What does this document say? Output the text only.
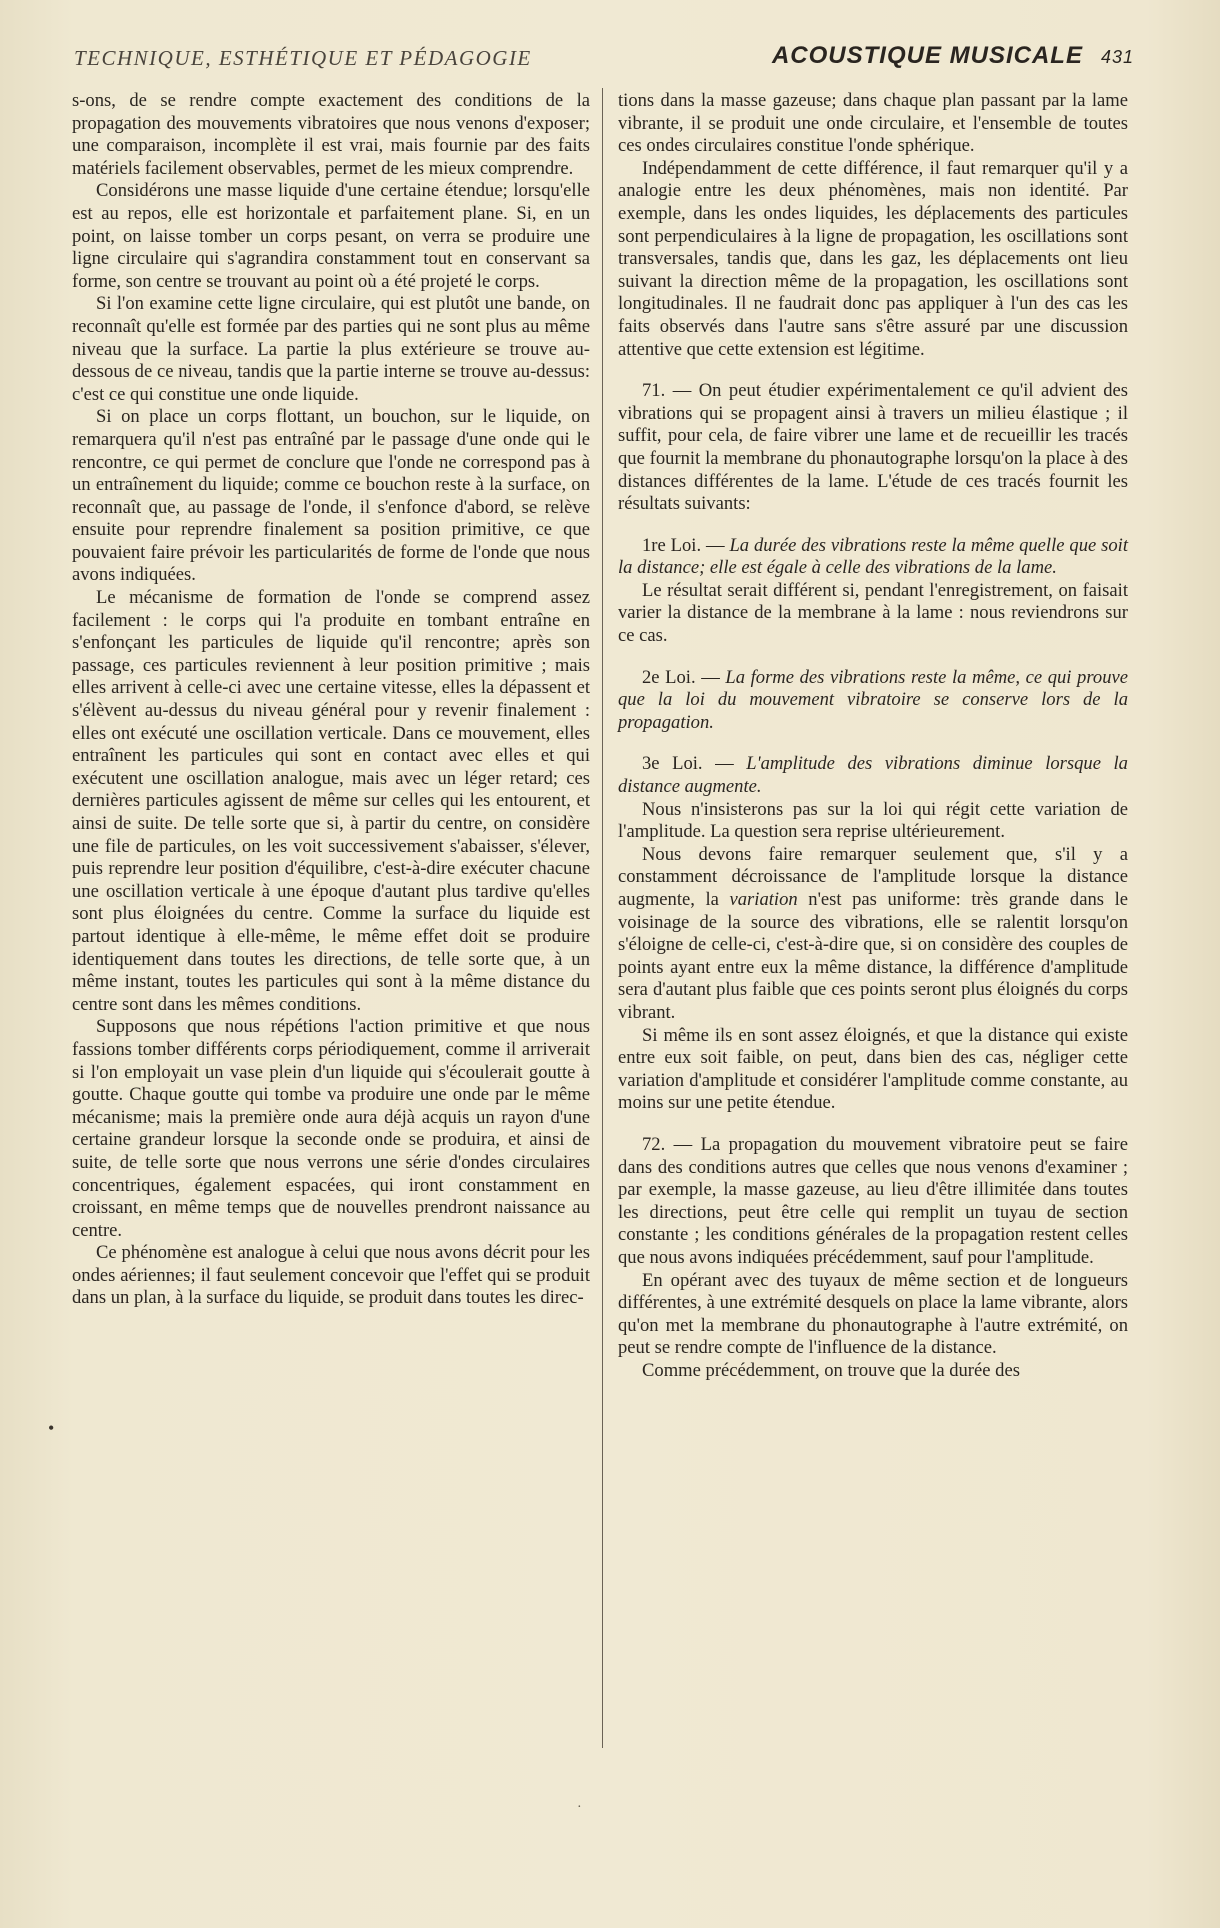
TECHNIQUE, ESTHÉTIQUE ET PÉDAGOGIE	ACOUSTIQUE MUSICALE 431
•
·

s-ons, de se rendre compte exactement des conditions de la propagation des mouvements vibratoires que nous venons d'exposer; une comparaison, incomplète il est vrai, mais fournie par des faits matériels facilement observables, permet de les mieux comprendre.

Considérons une masse liquide d'une certaine étendue; lorsqu'elle est au repos, elle est horizontale et parfaitement plane. Si, en un point, on laisse tomber un corps pesant, on verra se produire une ligne circulaire qui s'agrandira constamment tout en conservant sa forme, son centre se trouvant au point où a été projeté le corps.

Si l'on examine cette ligne circulaire, qui est plutôt une bande, on reconnaît qu'elle est formée par des parties qui ne sont plus au même niveau que la surface. La partie la plus extérieure se trouve au-dessous de ce niveau, tandis que la partie interne se trouve au-dessus: c'est ce qui constitue une onde liquide.

Si on place un corps flottant, un bouchon, sur le liquide, on remarquera qu'il n'est pas entraîné par le passage d'une onde qui le rencontre, ce qui permet de conclure que l'onde ne correspond pas à un entraînement du liquide; comme ce bouchon reste à la surface, on reconnaît que, au passage de l'onde, il s'enfonce d'abord, se relève ensuite pour reprendre finalement sa position primitive, ce que pouvaient faire prévoir les particularités de forme de l'onde que nous avons indiquées.

Le mécanisme de formation de l'onde se comprend assez facilement : le corps qui l'a produite en tombant entraîne en s'enfonçant les particules de liquide qu'il rencontre; après son passage, ces particules reviennent à leur position primitive ; mais elles arrivent à celle-ci avec une certaine vitesse, elles la dépassent et s'élèvent au-dessus du niveau général pour y revenir finalement : elles ont exécuté une oscillation verticale. Dans ce mouvement, elles entraînent les particules qui sont en contact avec elles et qui exécutent une oscillation analogue, mais avec un léger retard; ces dernières particules agissent de même sur celles qui les entourent, et ainsi de suite. De telle sorte que si, à partir du centre, on considère une file de particules, on les voit successivement s'abaisser, s'élever, puis reprendre leur position d'équilibre, c'est-à-dire exécuter chacune une oscillation verticale à une époque d'autant plus tardive qu'elles sont plus éloignées du centre. Comme la surface du liquide est partout identique à elle-même, le même effet doit se produire identiquement dans toutes les directions, de telle sorte que, à un même instant, toutes les particules qui sont à la même distance du centre sont dans les mêmes conditions.

Supposons que nous répétions l'action primitive et que nous fassions tomber différents corps périodiquement, comme il arriverait si l'on employait un vase plein d'un liquide qui s'écoulerait goutte à goutte. Chaque goutte qui tombe va produire une onde par le même mécanisme; mais la première onde aura déjà acquis un rayon d'une certaine grandeur lorsque la seconde onde se produira, et ainsi de suite, de telle sorte que nous verrons une série d'ondes circulaires concentriques, également espacées, qui iront constamment en croissant, en même temps que de nouvelles prendront naissance au centre.

Ce phénomène est analogue à celui que nous avons décrit pour les ondes aériennes; il faut seulement concevoir que l'effet qui se produit dans un plan, à la surface du liquide, se produit dans toutes les direc-

tions dans la masse gazeuse; dans chaque plan passant par la lame vibrante, il se produit une onde circulaire, et l'ensemble de toutes ces ondes circulaires constitue l'onde sphérique.

Indépendamment de cette différence, il faut remarquer qu'il y a analogie entre les deux phénomènes, mais non identité. Par exemple, dans les ondes liquides, les déplacements des particules sont perpendiculaires à la ligne de propagation, les oscillations sont transversales, tandis que, dans les gaz, les déplacements ont lieu suivant la direction même de la propagation, les oscillations sont longitudinales. Il ne faudrait donc pas appliquer à l'un des cas les faits observés dans l'autre sans s'être assuré par une discussion attentive que cette extension est légitime.

71. — On peut étudier expérimentalement ce qu'il advient des vibrations qui se propagent ainsi à travers un milieu élastique ; il suffit, pour cela, de faire vibrer une lame et de recueillir les tracés que fournit la membrane du phonautographe lorsqu'on la place à des distances différentes de la lame. L'étude de ces tracés fournit les résultats suivants:

1re Loi. — La durée des vibrations reste la même quelle que soit la distance; elle est égale à celle des vibrations de la lame.

Le résultat serait différent si, pendant l'enregistrement, on faisait varier la distance de la membrane à la lame : nous reviendrons sur ce cas.

2e Loi. — La forme des vibrations reste la même, ce qui prouve que la loi du mouvement vibratoire se conserve lors de la propagation.

3e Loi. — L'amplitude des vibrations diminue lorsque la distance augmente.

Nous n'insisterons pas sur la loi qui régit cette variation de l'amplitude. La question sera reprise ultérieurement.

Nous devons faire remarquer seulement que, s'il y a constamment décroissance de l'amplitude lorsque la distance augmente, la variation n'est pas uniforme: très grande dans le voisinage de la source des vibrations, elle se ralentit lorsqu'on s'éloigne de celle-ci, c'est-à-dire que, si on considère des couples de points ayant entre eux la même distance, la différence d'amplitude sera d'autant plus faible que ces points seront plus éloignés du corps vibrant.

Si même ils en sont assez éloignés, et que la distance qui existe entre eux soit faible, on peut, dans bien des cas, négliger cette variation d'amplitude et considérer l'amplitude comme constante, au moins sur une petite étendue.

72. — La propagation du mouvement vibratoire peut se faire dans des conditions autres que celles que nous venons d'examiner ; par exemple, la masse gazeuse, au lieu d'être illimitée dans toutes les directions, peut être celle qui remplit un tuyau de section constante ; les conditions générales de la propagation restent celles que nous avons indiquées précédemment, sauf pour l'amplitude.

En opérant avec des tuyaux de même section et de longueurs différentes, à une extrémité desquels on place la lame vibrante, alors qu'on met la membrane du phonautographe à l'autre extrémité, on peut se rendre compte de l'influence de la distance.

Comme précédemment, on trouve que la durée des
